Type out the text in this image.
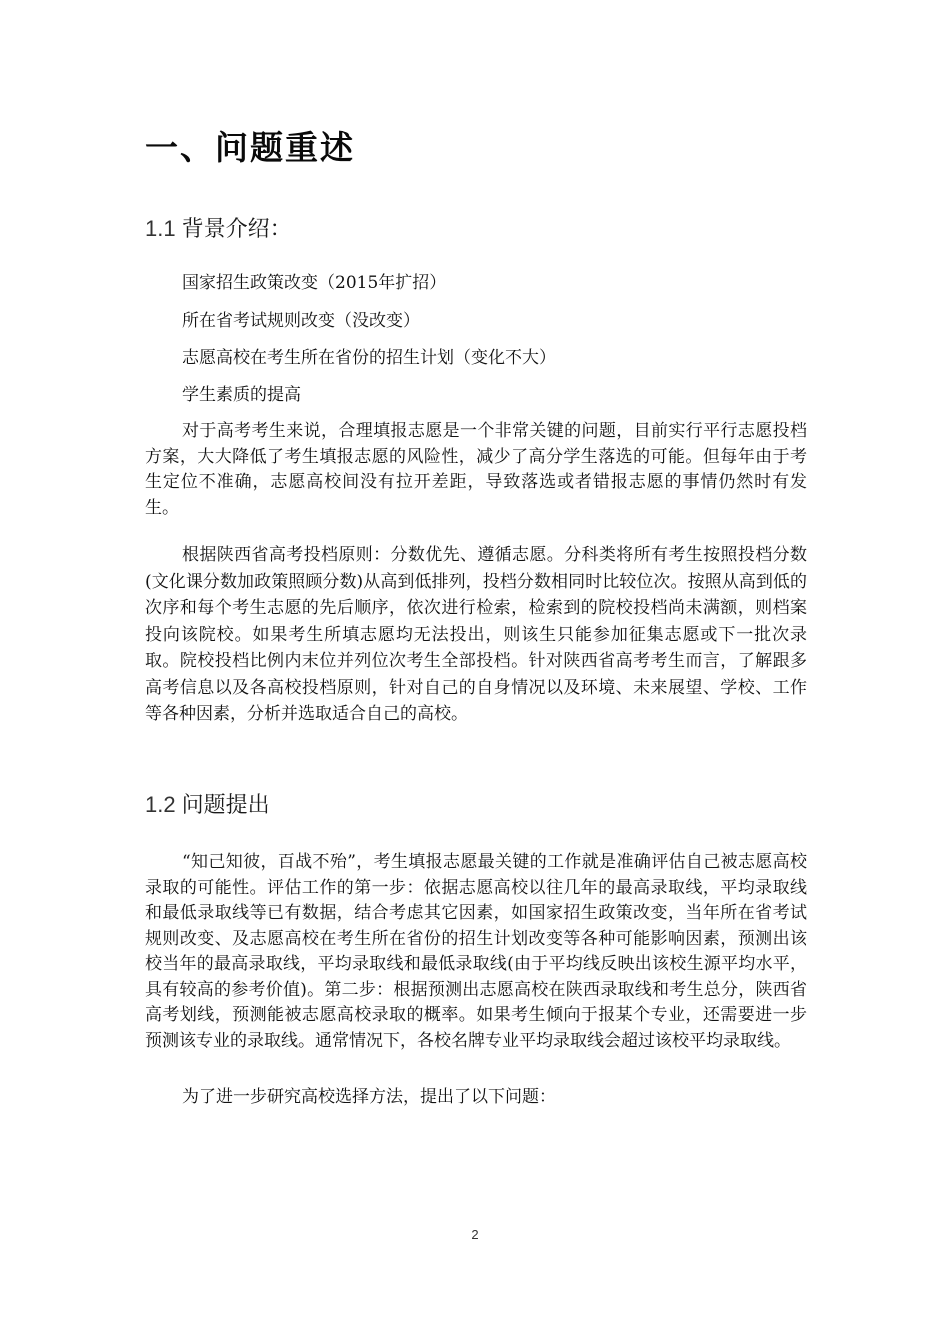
一、问题重述
1.1 背景介绍：

国家招生政策改变（2015年扩招）

所在省考试规则改变（没改变）

志愿高校在考生所在省份的招生计划（变化不大）

学生素质的提高

对于高考考生来说，合理填报志愿是一个非常关键的问题，目前实行平行志愿投档方案，大大降低了考生填报志愿的风险性，减少了高分学生落选的可能。但每年由于考生定位不准确，志愿高校间没有拉开差距，导致落选或者错报志愿的事情仍然时有发生。

根据陕西省高考投档原则：分数优先、遵循志愿。分科类将所有考生按照投档分数(文化课分数加政策照顾分数)从高到低排列，投档分数相同时比较位次。按照从高到低的次序和每个考生志愿的先后顺序，依次进行检索，检索到的院校投档尚未满额，则档案投向该院校。如果考生所填志愿均无法投出，则该生只能参加征集志愿或下一批次录取。院校投档比例内末位并列位次考生全部投档。针对陕西省高考考生而言，了解跟多高考信息以及各高校投档原则，针对自己的自身情况以及环境、未来展望、学校、工作等各种因素，分析并选取适合自己的高校。

1.2 问题提出

“知己知彼，百战不殆”，考生填报志愿最关键的工作就是准确评估自己被志愿高校录取的可能性。评估工作的第一步：依据志愿高校以往几年的最高录取线，平均录取线和最低录取线等已有数据，结合考虑其它因素，如国家招生政策改变，当年所在省考试规则改变、及志愿高校在考生所在省份的招生计划改变等各种可能影响因素，预测出该校当年的最高录取线，平均录取线和最低录取线(由于平均线反映出该校生源平均水平，具有较高的参考价值)。第二步：根据预测出志愿高校在陕西录取线和考生总分，陕西省高考划线，预测能被志愿高校录取的概率。如果考生倾向于报某个专业，还需要进一步预测该专业的录取线。通常情况下，各校名牌专业平均录取线会超过该校平均录取线。

为了进一步研究高校选择方法，提出了以下问题：

2
